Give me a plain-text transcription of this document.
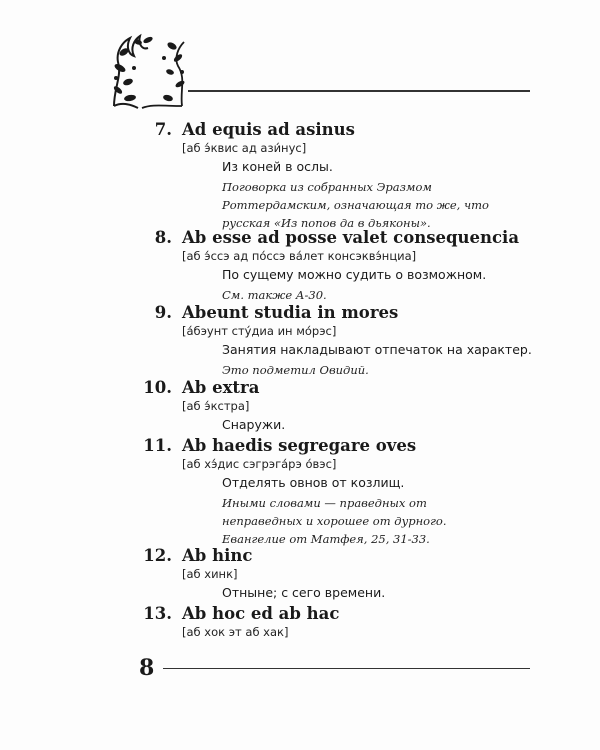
7. Ad equis ad asinus
[аб э́квис ад ази́нус]
Из коней в ослы.
Поговорка из собранных Эразмом
Роттердамским, означающая то же, что
русская «Из попов да в дьяконы».
8. Ab esse ad posse valet consequencia
[аб э́ссэ ад по́ссэ ва́лет консэквэ́нциа]
По сущему можно судить о возможном.
См. также А-30.
9. Abeunt studia in mores
[а́бэунт сту́диа ин мо́рэс]
Занятия накладывают отпечаток на характер.
Это подметил Овидий.
10. Ab extra
[аб э́кстра]
Снаружи.
11. Ab haedis segregare oves
[аб хэ́дис сэгрэга́рэ о́вэс]
Отделять овнов от козлищ.
Иными словами — праведных от
неправедных и хорошее от дурного.
Евангелие от Матфея, 25, 31-33.
12. Ab hinc
[аб хинк]
Отныне; с сего времени.
13. Ab hoc ed ab hac
[аб хок эт аб хак]
8
